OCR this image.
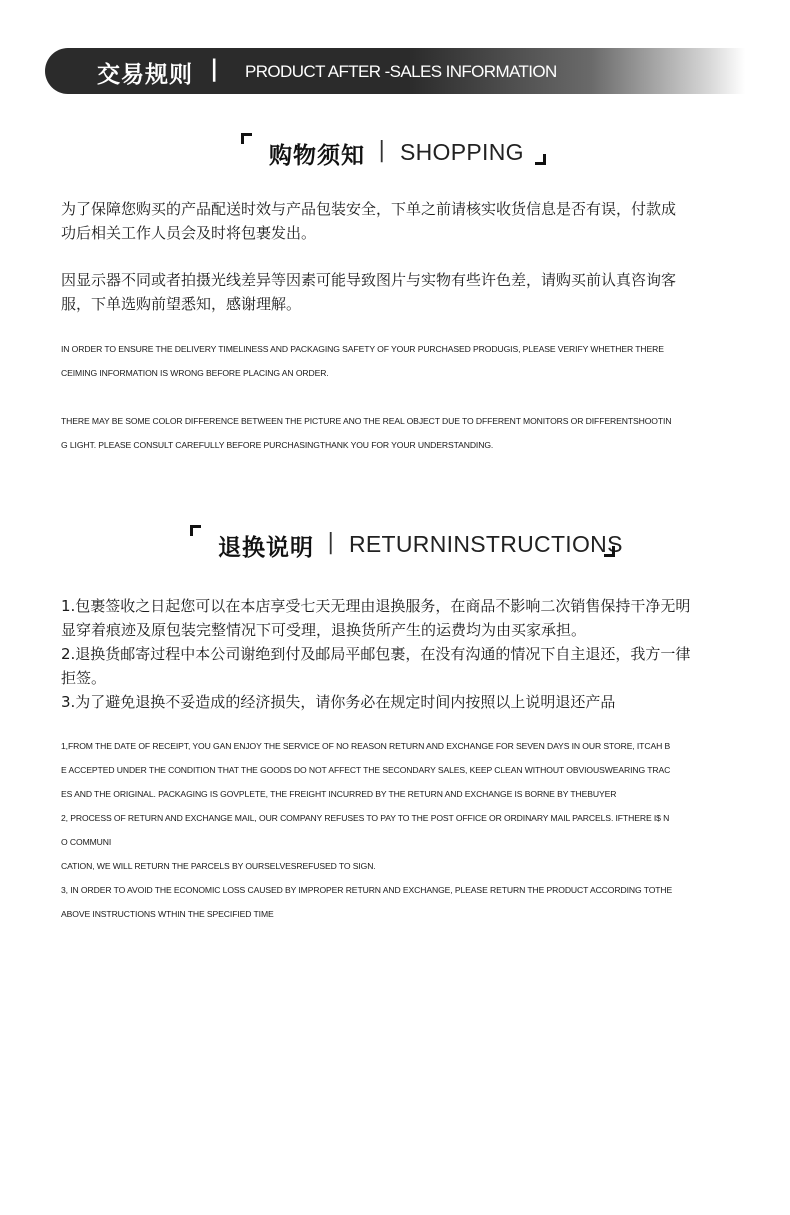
交易规则 | PRODUCT AFTER -SALES INFORMATION
购物须知 | SHOPPING
为了保障您购买的产品配送时效与产品包装安全，下单之前请核实收货信息是否有误，付款成
功后相关工作人员会及时将包裹发出。
因显示器不同或者拍摄光线差异等因素可能导致图片与实物有些许色差，请购买前认真咨询客
服，下单选购前望悉知，感谢理解。
IN ORDER TO ENSURE THE DELIVERY TIMELINESS AND PACKAGING SAFETY OF YOUR PURCHASED PRODUGIS, PLEASE VERIFY WHETHER THERE
CEIMING INFORMATION IS WRONG BEFORE PLACING AN ORDER.
THERE MAY BE SOME COLOR DIFFERENCE BETWEEN THE PICTURE ANO THE REAL OBJECT DUE TO DFFERENT MONITORS OR DIFFERENTSHOOTIN
G LIGHT. PLEASE CONSULT CAREFULLY BEFORE PURCHASINGTHANK YOU FOR YOUR UNDERSTANDING.
退换说明 | RETURNINSTRUCTIONS
1.包裹签收之日起您可以在本店享受七天无理由退换服务，在商品不影响二次销售保持干净无明
显穿着痕迹及原包装完整情况下可受理，退换货所产生的运费均为由买家承担。
2.退换货邮寄过程中本公司谢绝到付及邮局平邮包裹，在没有沟通的情况下自主退还，我方一律
拒签。
3.为了避免退换不妥造成的经济损失，请你务必在规定时间内按照以上说明退还产品
1,FROM THE DATE OF RECEIPT, YOU GAN ENJOY THE SERVICE OF NO REASON RETURN AND EXCHANGE FOR SEVEN DAYS IN OUR STORE, ITCAH B
E ACCEPTED UNDER THE CONDITION THAT THE GOODS DO NOT AFFECT THE SECONDARY SALES, KEEP CLEAN WITHOUT OBVIOUSWEARING TRAC
ES AND THE ORIGINAL. PACKAGING IS GOVPLETE, THE FREIGHT INCURRED BY THE RETURN AND EXCHANGE IS BORNE BY THEBUYER
2, PROCESS OF RETURN AND EXCHANGE MAIL, OUR COMPANY REFUSES TO PAY TO THE POST OFFICE OR ORDINARY MAIL PARCELS. IFTHERE I$ N
O COMMUNI
CATION, WE WILL RETURN THE PARCELS BY OURSELVESREFUSED TO SIGN.
3, IN ORDER TO AVOID THE ECONOMIC LOSS CAUSED BY IMPROPER RETURN AND EXCHANGE, PLEASE RETURN THE PRODUCT ACCORDING TOTHE
ABOVE INSTRUCTIONS WTHIN THE SPECIFIED TIME
